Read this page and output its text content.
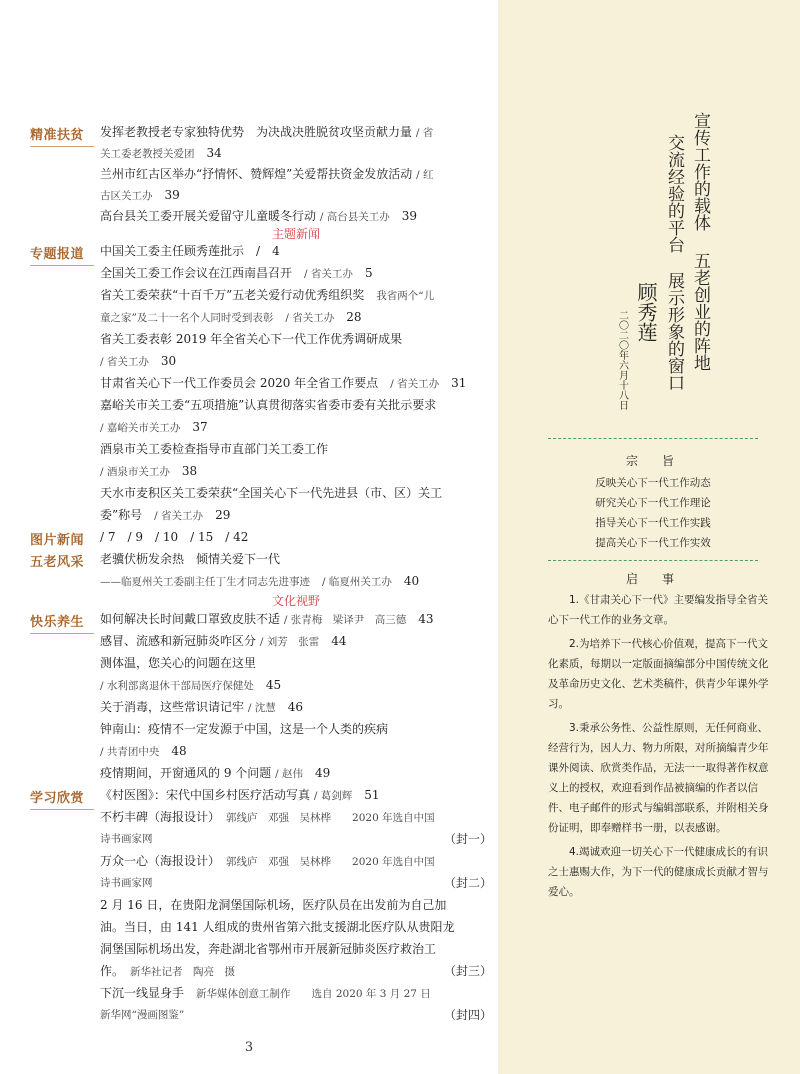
精准扶贫 发挥老教授老专家独特优势　为决战决胜脱贫攻坚贡献力量 / 省
关工委老教授关爱团　 34
兰州市红古区举办“抒情怀、赞辉煌”关爱帮扶资金发放活动 / 红
古区关工办　 39
高台县关工委开展关爱留守儿童暖冬行动 / 高台县关工办　 39
主题新闻
专题报道 中国关工委主任顾秀莲批示　 /　4
全国关工委工作会议在江西南昌召开　 / 省关工办　 5
省关工委荣获“十百千万”五老关爱行动优秀组织奖　 我省两个“儿
童之家”及二十一名个人同时受到表彰　 / 省关工办　 28
省关工委表彰 2019 年全省关心下一代工作优秀调研成果
/ 省关工办　 30
甘肃省关心下一代工作委员会 2020 年全省工作要点　 / 省关工办　 31
嘉峪关市关工委“五项措施”认真贯彻落实省委市委有关批示要求
/ 嘉峪关市关工办　 37
酒泉市关工委检查指导市直部门关工委工作
/ 酒泉市关工办　 38
天水市麦积区关工委荣获“全国关心下一代先进县（市、区）关工
委”称号　 / 省关工办　 29
图片新闻 / 7　/ 9　/ 10　/ 15　/ 42
五老风采 老骥伏枥发余热　倾情关爱下一代
——临夏州关工委副主任丁生才同志先进事迹　 / 临夏州关工办　 40
文化视野
快乐养生 如何解决长时间戴口罩致皮肤不适 / 张青梅　梁译尹　高三德　 43
感冒、流感和新冠肺炎咋区分 / 刘芳　张雷　 44
测体温，您关心的问题在这里
/ 水利部离退休干部局医疗保健处　 45
关于消毒，这些常识请记牢 / 沈慧　 46
钟南山：疫情不一定发源于中国，这是一个人类的疾病
/ 共青团中央　 48
疫情期间，开窗通风的 9 个问题 / 赵伟　 49
学习欣赏 《村医图》：宋代中国乡村医疗活动写真 / 葛剑辉　 51
不朽丰碑（海报设计）　 郭线庐　邓强　吴林桦　　2020 年选自中国
诗书画家网	（封一）
万众一心（海报设计）　 郭线庐　邓强　吴林桦　　2020 年选自中国
诗书画家网	（封二）
2 月 16 日，在贵阳龙洞堡国际机场，医疗队员在出发前为自己加
油。当日，由 141 人组成的贵州省第六批支援湖北医疗队从贵阳龙
洞堡国际机场出发，奔赴湖北省鄂州市开展新冠肺炎医疗救治工
作。　 新华社记者　陶亮　摄	（封三）
下沉一线显身手　 新华媒体创意工制作　　选自 2020 年 3 月 27 日
新华网“漫画图鉴”	（封四）
3
宣传工作的载体
五老创业的阵地
交流经验的平台
展示形象的窗口
顾秀莲
二〇二〇年六月十八日
宗　旨
反映关心下一代工作动态
研究关心下一代工作理论
指导关心下一代工作实践
提高关心下一代工作实效
启　事

1.《甘肃关心下一代》主要编发指导全省关心下一代工作的业务文章。

2.为培养下一代核心价值观，提高下一代文化素质，每期以一定版面摘编部分中国传统文化及革命历史文化、艺术类稿件，供青少年课外学习。

3.秉承公务性、公益性原则，无任何商业、经营行为，因人力、物力所限，对所摘编青少年课外阅读、欣赏类作品，无法一一取得著作权意义上的授权，欢迎看到作品被摘编的作者以信件、电子邮件的形式与编辑部联系，并附相关身份证明，即奉赠样书一册，以表感谢。

4.竭诚欢迎一切关心下一代健康成长的有识之士惠赐大作，为下一代的健康成长贡献才智与爱心。
